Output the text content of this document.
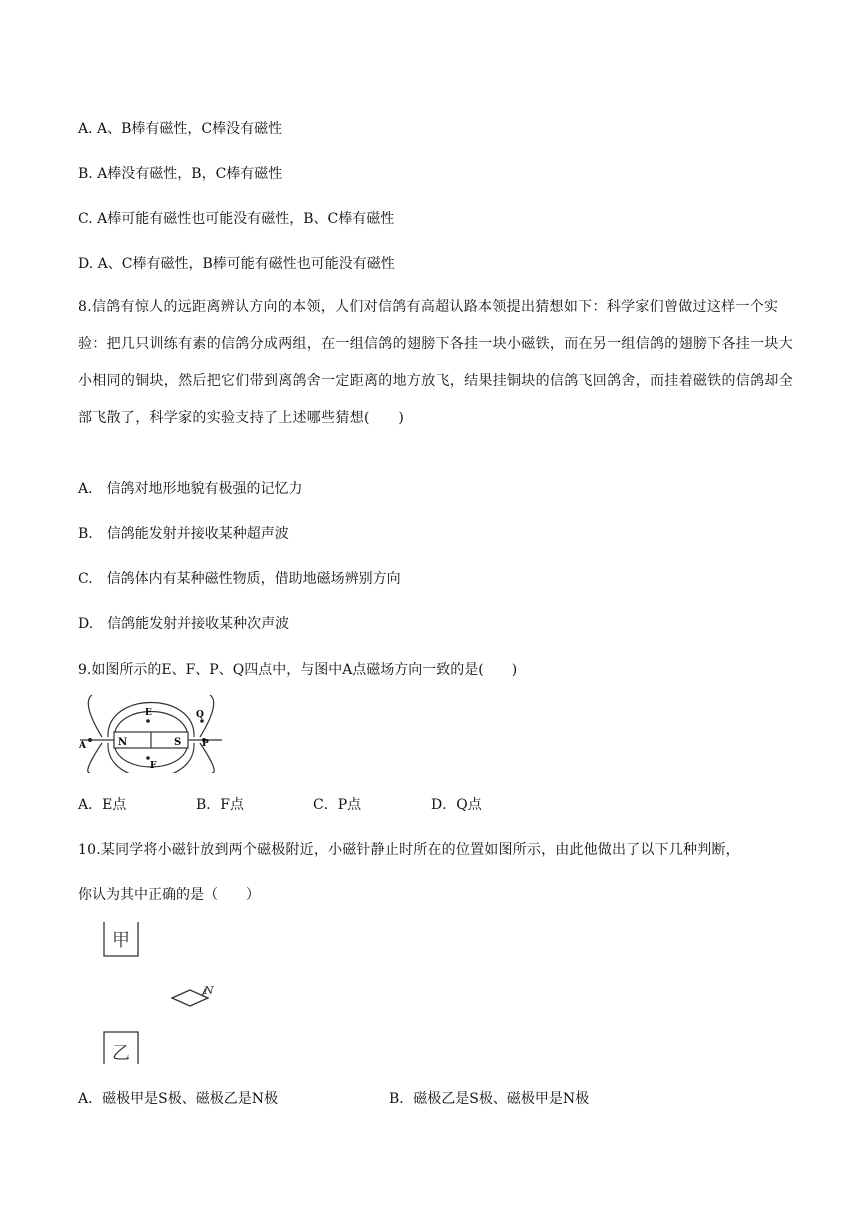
A. A、B棒有磁性，C棒没有磁性
B. A棒没有磁性，B，C棒有磁性
C. A棒可能有磁性也可能没有磁性，B、C棒有磁性
D. A、C棒有磁性，B棒可能有磁性也可能没有磁性
8.信鸽有惊人的远距离辨认方向的本领，人们对信鸽有高超认路本领提出猜想如下：科学家们曾做过这样一个实验：把几只训练有素的信鸽分成两组，在一组信鸽的翅膀下各挂一块小磁铁，而在另一组信鸽的翅膀下各挂一块大小相同的铜块，然后把它们带到离鸽舍一定距离的地方放飞，结果挂铜块的信鸽飞回鸽舍，而挂着磁铁的信鸽却全部飞散了，科学家的实验支持了上述哪些猜想(　　)
A.　信鸽对地形地貌有极强的记忆力
B.　信鸽能发射并接收某种超声波
C.　信鸽体内有某种磁性物质，借助地磁场辨别方向
D.　信鸽能发射并接收某种次声波
9.如图所示的E、F、P、Q四点中，与图中A点磁场方向一致的是(　　)
N	S
E
F
Q
P
A
A．E点	B．F点	C．P点	D．Q点
10.某同学将小磁针放到两个磁极附近，小磁针静止时所在的位置如图所示，由此他做出了以下几种判断，
你认为其中正确的是（　　）
甲
乙
N
A．磁极甲是S极、磁极乙是N极	B．磁极乙是S极、磁极甲是N极
